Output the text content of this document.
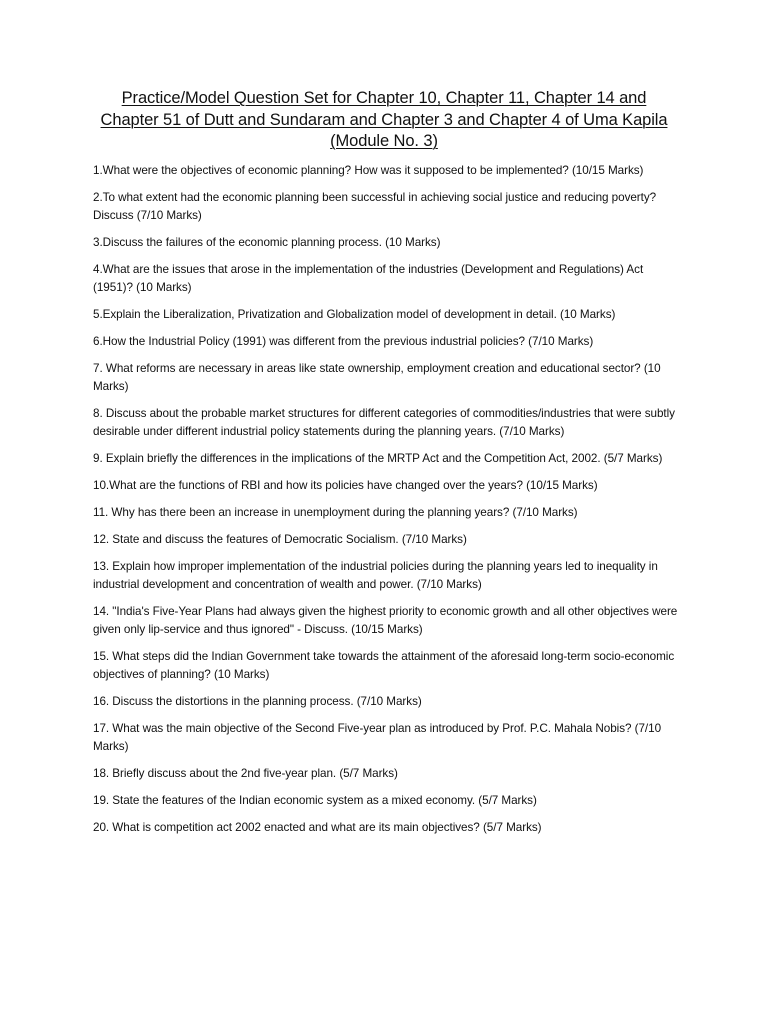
Practice/Model Question Set for Chapter 10, Chapter 11, Chapter 14 and
Chapter 51 of Dutt and Sundaram and Chapter 3 and Chapter 4 of Uma Kapila
(Module No. 3)
1.What were the objectives of economic planning? How was it supposed to be implemented? (10/15 Marks)
2.To what extent had the economic planning been successful in achieving social justice and reducing poverty? Discuss (7/10 Marks)
3.Discuss the failures of the economic planning process. (10 Marks)
4.What are the issues that arose in the implementation of the industries (Development and Regulations) Act (1951)? (10 Marks)
5.Explain the Liberalization, Privatization and Globalization model of development in detail. (10 Marks)
6.How the Industrial Policy (1991) was different from the previous industrial policies? (7/10 Marks)
7. What reforms are necessary in areas like state ownership, employment creation and educational sector? (10 Marks)
8. Discuss about the probable market structures for different categories of commodities/industries that were subtly desirable under different industrial policy statements during the planning years. (7/10 Marks)
9. Explain briefly the differences in the implications of the MRTP Act and the Competition Act, 2002. (5/7 Marks)
10.What are the functions of RBI and how its policies have changed over the years? (10/15 Marks)
11. Why has there been an increase in unemployment during the planning years? (7/10 Marks)
12. State and discuss the features of Democratic Socialism. (7/10 Marks)
13. Explain how improper implementation of the industrial policies during the planning years led to inequality in industrial development and concentration of wealth and power. (7/10 Marks)
14. "India's Five-Year Plans had always given the highest priority to economic growth and all other objectives were given only lip-service and thus ignored" - Discuss. (10/15 Marks)
15. What steps did the Indian Government take towards the attainment of the aforesaid long-term socio-economic objectives of planning? (10 Marks)
16. Discuss the distortions in the planning process. (7/10 Marks)
17. What was the main objective of the Second Five-year plan as introduced by Prof. P.C. Mahala Nobis? (7/10 Marks)
18. Briefly discuss about the 2nd five-year plan. (5/7 Marks)
19. State the features of the Indian economic system as a mixed economy. (5/7 Marks)
20. What is competition act 2002 enacted and what are its main objectives? (5/7 Marks)
